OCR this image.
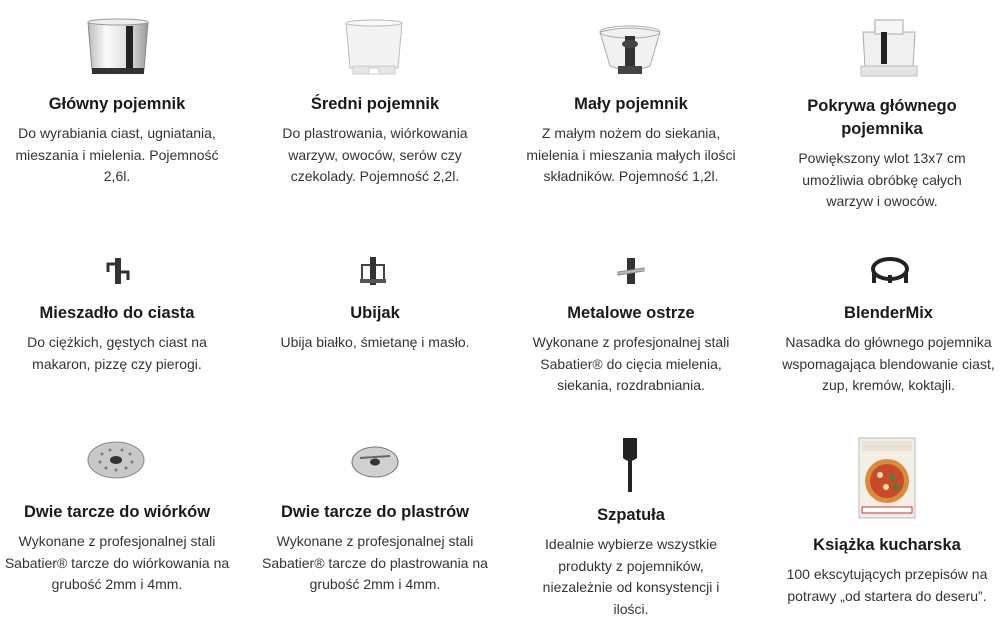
Główny pojemnik
Do wyrabiania ciast, ugniatania, mieszania i mielenia. Pojemność 2,6l.
Średni pojemnik
Do plastrowania, wiórkowania warzyw, owoców, serów czy czekolady. Pojemność 2,2l.
Mały pojemnik
Z małym nożem do siekania, mielenia i mieszania małych ilości składników. Pojemność 1,2l.
Pokrywa głównego pojemnika
Powiększony wlot 13x7 cm umożliwia obróbkę całych warzyw i owoców.
Mieszadło do ciasta
Do ciężkich, gęstych ciast na makaron, pizzę czy pierogi.
Ubijak
Ubija białko, śmietanę i masło.
Metalowe ostrze
Wykonane z profesjonalnej stali Sabatier® do cięcia mielenia, siekania, rozdrabniania.
BlenderMix
Nasadka do głównego pojemnika wspomagająca blendowanie ciast, zup, kremów, koktajli.
Dwie tarcze do wiórków
Wykonane z profesjonalnej stali Sabatier® tarcze do wiórkowania na grubość 2mm i 4mm.
Dwie tarcze do plastrów
Wykonane z profesjonalnej stali Sabatier® tarcze do plastrowania na grubość 2mm i 4mm.
Szpatuła
Idealnie wybierze wszystkie produkty z pojemników, niezależnie od konsystencji i ilości.
Książka kucharska
100 ekscytujących przepisów na potrawy „od startera do deseru”.
